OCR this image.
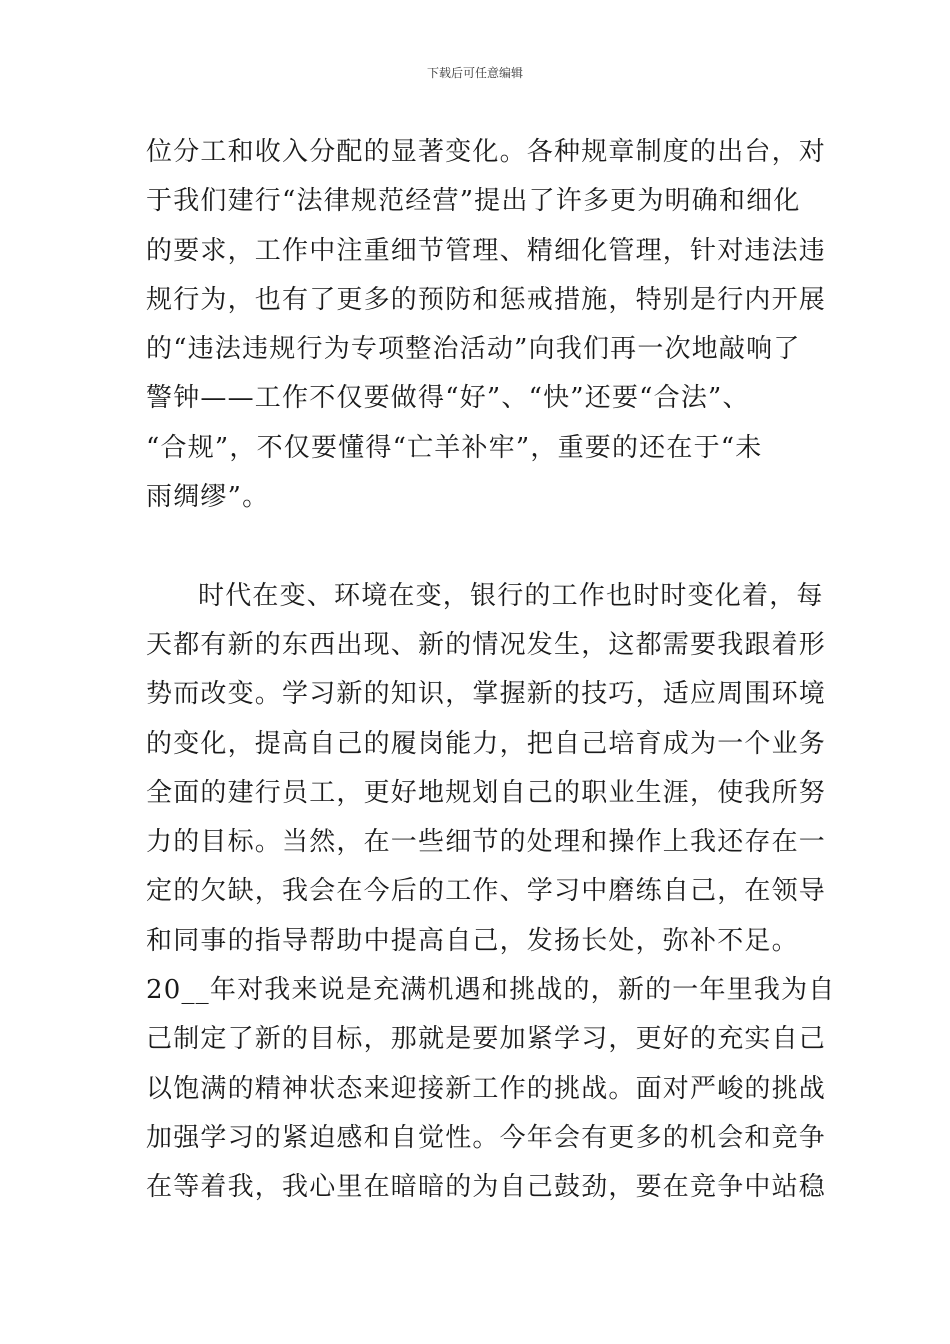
下载后可任意编辑
位分工和收入分配的显著变化。各种规章制度的出台，对
于我们建行“法律规范经营”提出了许多更为明确和细化
的要求，工作中注重细节管理、精细化管理，针对违法违
规行为，也有了更多的预防和惩戒措施，特别是行内开展
的“违法违规行为专项整治活动”向我们再一次地敲响了
警钟——工作不仅要做得“好”、“快”还要“合法”、
“合规”，不仅要懂得“亡羊补牢”，重要的还在于“未
雨绸缪”。
时代在变、环境在变，银行的工作也时时变化着，每
天都有新的东西出现、新的情况发生，这都需要我跟着形
势而改变。学习新的知识，掌握新的技巧，适应周围环境
的变化，提高自己的履岗能力，把自己培育成为一个业务
全面的建行员工，更好地规划自己的职业生涯，使我所努
力的目标。当然，在一些细节的处理和操作上我还存在一
定的欠缺，我会在今后的工作、学习中磨练自己，在领导
和同事的指导帮助中提高自己，发扬长处，弥补不足。
20__年对我来说是充满机遇和挑战的，新的一年里我为自
己制定了新的目标，那就是要加紧学习，更好的充实自己
以饱满的精神状态来迎接新工作的挑战。面对严峻的挑战
加强学习的紧迫感和自觉性。今年会有更多的机会和竞争
在等着我，我心里在暗暗的为自己鼓劲，要在竞争中站稳
